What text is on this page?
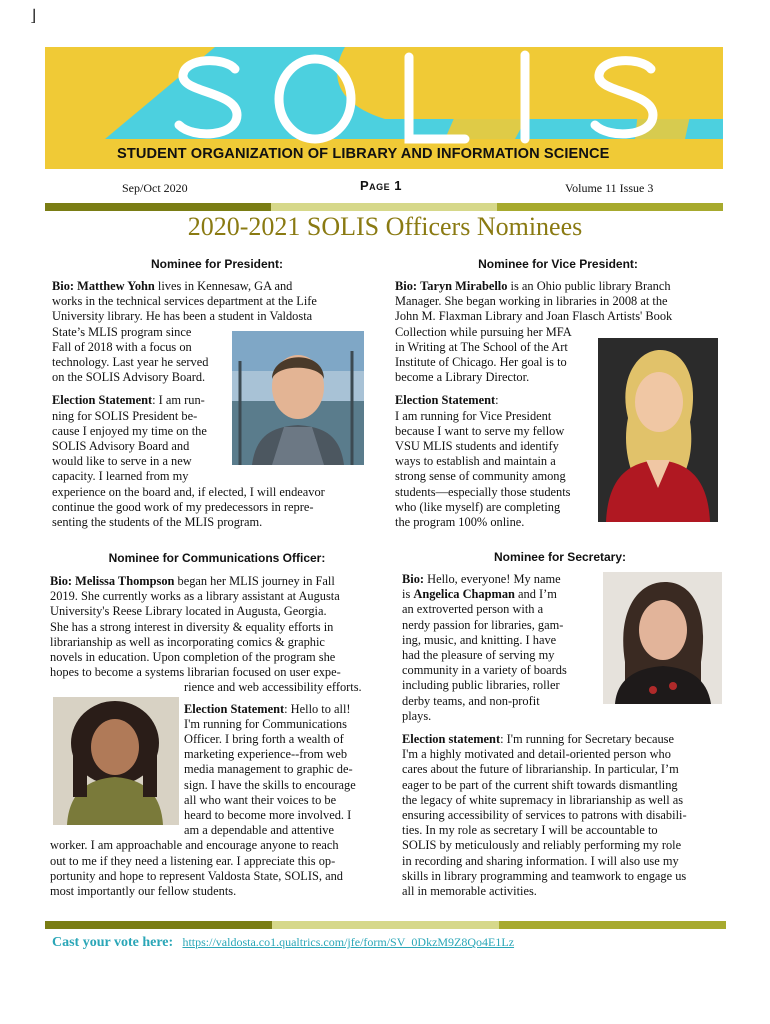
⌋
STUDENT ORGANIZATION OF LIBRARY AND INFORMATION SCIENCE
Sep/Oct 2020	Page 1	Volume 11 Issue 3
2020-2021 SOLIS Officers Nominees
Nominee for President:

Bio: Matthew Yohn lives in Kennesaw, GA and

works in the technical services department at the Life

University library. He has been a student in Valdosta

State’s MLIS program since

Fall of 2018 with a focus on

technology. Last year he served

on the SOLIS Advisory Board.

Election Statement: I am run-

ning for SOLIS President be-

cause I enjoyed my time on the

SOLIS Advisory Board and

would like to serve in a new

capacity. I learned from my

experience on the board and, if elected, I will endeavor

continue the good work of my predecessors in repre-

senting the students of the MLIS program.

Nominee for Vice President:

Bio: Taryn Mirabello is an Ohio public library Branch

Manager. She began working in libraries in 2008 at the

John M. Flaxman Library and Joan Flasch Artists' Book

Collection while pursuing her MFA

in Writing at The School of the Art

Institute of Chicago. Her goal is to

become a Library Director.

Election Statement:

I am running for Vice President

because I want to serve my fellow

VSU MLIS students and identify

ways to establish and maintain a

strong sense of community among

students—especially those students

who (like myself) are completing

the program 100% online.

Nominee for Communications Officer:

Bio: Melissa Thompson began her MLIS journey in Fall

2019. She currently works as a library assistant at Augusta

University's Reese Library located in Augusta, Georgia.

She has a strong interest in diversity & equality efforts in

librarianship as well as incorporating comics & graphic

novels in education. Upon completion of the program she

hopes to become a systems librarian focused on user expe-

rience and web accessibility efforts.

Election Statement: Hello to all!

I'm running for Communications

Officer. I bring forth a wealth of

marketing experience--from web

media management to graphic de-

sign. I have the skills to encourage

all who want their voices to be

heard to become more involved. I

am a dependable and attentive

worker. I am approachable and encourage anyone to reach

out to me if they need a listening ear. I appreciate this op-

portunity and hope to represent Valdosta State, SOLIS, and

most importantly our fellow students.

Nominee for Secretary:

Bio: Hello, everyone! My name

is Angelica Chapman and I’m

an extroverted person with a

nerdy passion for libraries, gam-

ing, music, and knitting. I have

had the pleasure of serving my

community in a variety of boards

including public libraries, roller

derby teams, and non-profit

plays.

Election statement: I'm running for Secretary because

I'm a highly motivated and detail-oriented person who

cares about the future of librarianship. In particular, I’m

eager to be part of the current shift towards dismantling

the legacy of white supremacy in librarianship as well as

ensuring accessibility of services to patrons with disabili-

ties. In my role as secretary I will be accountable to

SOLIS by meticulously and reliably performing my role

in recording and sharing information. I will also use my

skills in library programming and teamwork to engage us

all in memorable activities.

Cast your vote here: https://valdosta.co1.qualtrics.com/jfe/form/SV_0DkzM9Z8Qo4E1Lz
